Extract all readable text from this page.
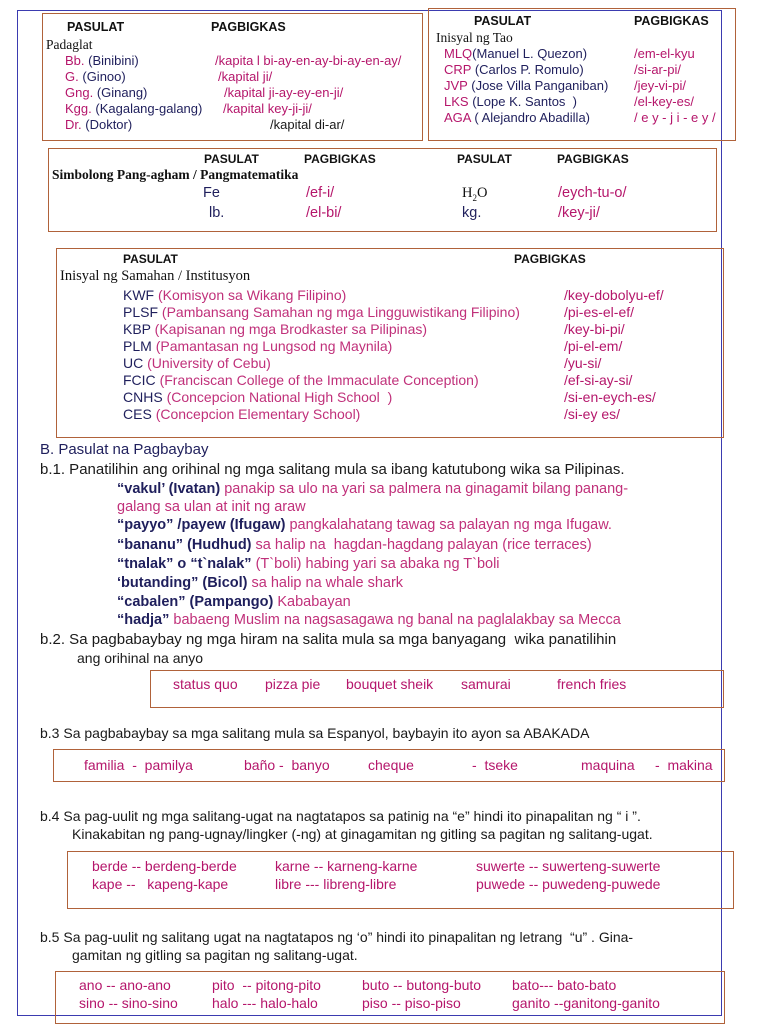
PASULAT	PAGBIGKAS
Padaglat
Bb. (Binibini)	/kapita l bi-ay-en-ay-bi-ay-en-ay/
G. (Ginoo)	/kapital ji/
Gng. (Ginang)	/kapital ji-ay-ey-en-ji/
Kgg. (Kagalang-galang) /kapital key-ji-ji/
Dr. (Doktor)	/kapital di-ar/
PASULAT	PAGBIGKAS
Inisyal ng Tao
MLQ(Manuel L. Quezon)	/em-el-kyu
CRP (Carlos P. Romulo)	/si-ar-pi/
JVP (Jose Villa Panganiban) /jey-vi-pi/
LKS (Lope K. Santos  )	/el-key-es/
AGA ( Alejandro Abadilla)	/ e y - j i - e y /
PASULAT	PAGBIGKAS	PASULAT	PAGBIGKAS
Simbolong Pang-agham / Pangmatematika
Fe	/ef-i/	$H_2O$	/eych-tu-o/
lb.	/el-bi/	kg.	/key-ji/
PASULAT	PAGBIGKAS
Inisyal ng Samahan / Institusyon
KWF (Komisyon sa Wikang Filipino)	/key-dobolyu-ef/
PLSF (Pambansang Samahan ng mga Lingguwistikang Filipino)	/pi-es-el-ef/
KBP (Kapisanan ng mga Brodkaster sa Pilipinas)	/key-bi-pi/
PLM (Pamantasan ng Lungsod ng Maynila)	/pi-el-em/
UC (University of Cebu)	/yu-si/
FCIC (Franciscan College of the Immaculate Conception)	/ef-si-ay-si/
CNHS (Concepcion National High School  )	/si-en-eych-es/
CES (Concepcion Elementary School)	/si-ey es/
B. Pasulat na Pagbaybay
b.1. Panatilihin ang orihinal ng mga salitang mula sa ibang katutubong wika sa Pilipinas.
“vakul’ (Ivatan) panakip sa ulo na yari sa palmera na ginagamit bilang panang-
galang sa ulan at init ng araw
“payyo” /payew (Ifugaw) pangkalahatang tawag sa palayan ng mga Ifugaw.
“bananu” (Hudhud) sa halip na  hagdan-hagdang palayan (rice terraces)
“tnalak” o “t`nalak” (T`boli) habing yari sa abaka ng T`boli
‘butanding” (Bicol) sa halip na whale shark
“cabalen” (Pampango) Kababayan
“hadja” babaeng Muslim na nagsasagawa ng banal na paglalakbay sa Mecca
b.2. Sa pagbabaybay ng mga hiram na salita mula sa mga banyagang  wika panatilihin
ang orihinal na anyo
status quo pizza pie bouquet sheik samurai	french fries
b.3 Sa pagbabaybay sa mga salitang mula sa Espanyol, baybayin ito ayon sa ABAKADA
familia  -  pamilya	baño -  banyo	cheque	-  tseke	maquina -  makina
b.4 Sa pag-uulit ng mga salitang-ugat na nagtatapos sa patinig na “e” hindi ito pinapalitan ng “ i ”.
Kinakabitan ng pang-ugnay/lingker (-ng) at ginagamitan ng gitling sa pagitan ng salitang-ugat.
berde -- berdeng-berde	karne -- karneng-karne	suwerte -- suwerteng-suwerte
kape --   kapeng-kape	libre --- libreng-libre	puwede -- puwedeng-puwede
b.5 Sa pag-uulit ng salitang ugat na nagtatapos ng ‘o” hindi ito pinapalitan ng letrang  “u” . Gina-
gamitan ng gitling sa pagitan ng salitang-ugat.
ano -- ano-ano	pito  -- pitong-pito	buto -- butong-buto bato--- bato-bato
sino -- sino-sino halo --- halo-halo	piso -- piso-piso	ganito --ganitong-ganito
